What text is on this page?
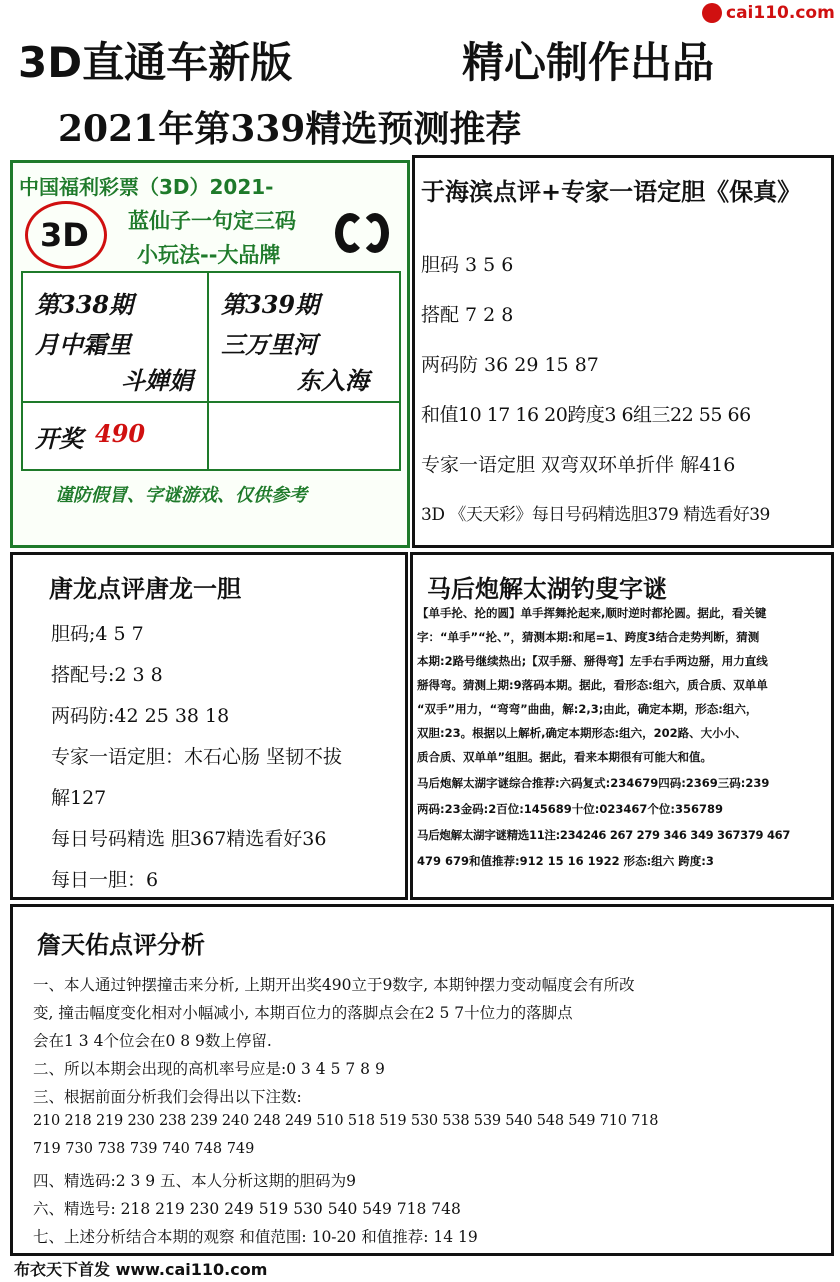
cai110.com
3D直通车新版	精心制作出品
2021年第339精选预测推荐
中国福利彩票（3D）2021-
3D 蓝仙子一句定三码
小玩法--大品牌
第338期
月中霜里
斗婵娟
第339期
三万里河
东入海
开奖 490
谨防假冒、字谜游戏、仅供参考
于海滨点评+专家一语定胆《保真》
胆码 3 5 6
搭配 7 2 8
两码防 36 29 15 87
和值10 17 16 20跨度3 6组三22 55 66
专家一语定胆 双弯双环单折伴 解416
3D 《天天彩》每日号码精选胆379 精选看好39
唐龙点评唐龙一胆
胆码;4 5 7
搭配号:2 3 8
两码防:42 25 38 18
专家一语定胆：木石心肠 坚韧不拔
解127
每日号码精选 胆367精选看好36
每日一胆：6
马后炮解太湖钓叟字谜
【单手抡、抡的圆】单手挥舞抡起来,顺时逆时都抡圆。据此，看关键
字：“单手”“抡、”，猜测本期:和尾=1、跨度3结合走势判断，猜测
本期:2路号继续热出;【双手掰、掰得弯】左手右手两边掰，用力直线
掰得弯。猜测上期:9落码本期。据此，看形态:组六，质合质、双单单
“双手”用力，“弯弯”曲曲，解:2,3;由此，确定本期，形态:组六，
双胆:23。根据以上解析,确定本期形态:组六，202路、大小小、
质合质、双单单”组胆。据此，看来本期很有可能大和值。
马后炮解太湖字谜综合推荐:六码复式:234679四码:2369三码:239
两码:23金码:2百位:145689十位:023467个位:356789
马后炮解太湖字谜精选11注:234246 267 279 346 349 367379 467
479 679和值推荐:912 15 16 1922 形态:组六 跨度:3
詹天佑点评分析
一、本人通过钟摆撞击来分析, 上期开出奖490立于9数字, 本期钟摆力变动幅度会有所改
变, 撞击幅度变化相对小幅减小, 本期百位力的落脚点会在2 5 7十位力的落脚点
会在1 3 4个位会在0 8 9数上停留.
二、所以本期会出现的高机率号应是:0 3 4 5 7 8 9
三、根据前面分析我们会得出以下注数:
210 218 219 230 238 239 240 248 249 510 518 519 530 538 539 540 548 549 710 718
719 730 738 739 740 748 749
四、精选码:2 3 9 五、本人分析这期的胆码为9
六、精选号: 218 219 230 249 519 530 540 549 718 748
七、上述分析结合本期的观察 和值范围: 10-20 和值推荐: 14 19
布衣天下首发 www.cai110.com
